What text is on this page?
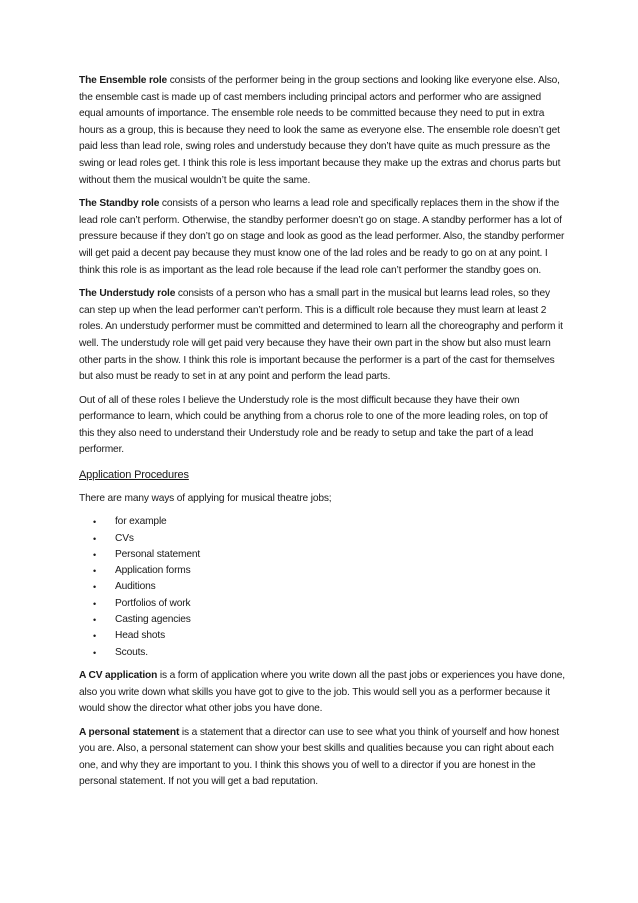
The Ensemble role consists of the performer being in the group sections and looking like everyone else. Also, the ensemble cast is made up of cast members including principal actors and performer who are assigned equal amounts of importance. The ensemble role needs to be committed because they need to put in extra hours as a group, this is because they need to look the same as everyone else. The ensemble role doesn’t get paid less than lead role, swing roles and understudy because they don’t have quite as much pressure as the swing or lead roles get. I think this role is less important because they make up the extras and chorus parts but without them the musical wouldn’t be quite the same.

The Standby role consists of a person who learns a lead role and specifically replaces them in the show if the lead role can’t perform. Otherwise, the standby performer doesn’t go on stage. A standby performer has a lot of pressure because if they don’t go on stage and look as good as the lead performer. Also, the standby performer will get paid a decent pay because they must know one of the lad roles and be ready to go on at any point. I think this role is as important as the lead role because if the lead role can’t performer the standby goes on.

The Understudy role consists of a person who has a small part in the musical but learns lead roles, so they can step up when the lead performer can’t perform. This is a difficult role because they must learn at least 2 roles. An understudy performer must be committed and determined to learn all the choreography and perform it well. The understudy role will get paid very because they have their own part in the show but also must learn other parts in the show. I think this role is important because the performer is a part of the cast for themselves but also must be ready to set in at any point and perform the lead parts.

Out of all of these roles I believe the Understudy role is the most difficult because they have their own performance to learn, which could be anything from a chorus role to one of the more leading roles, on top of this they also need to understand their Understudy role and be ready to setup and take the part of a lead performer.

Application Procedures

There are many ways of applying for musical theatre jobs;

• for example
• CVs
• Personal statement
• Application forms
• Auditions
• Portfolios of work
• Casting agencies
• Head shots
• Scouts.

A CV application is a form of application where you write down all the past jobs or experiences you have done, also you write down what skills you have got to give to the job. This would sell you as a performer because it would show the director what other jobs you have done.

A personal statement is a statement that a director can use to see what you think of yourself and how honest you are. Also, a personal statement can show your best skills and qualities because you can right about each one, and why they are important to you. I think this shows you of well to a director if you are honest in the personal statement. If not you will get a bad reputation.
